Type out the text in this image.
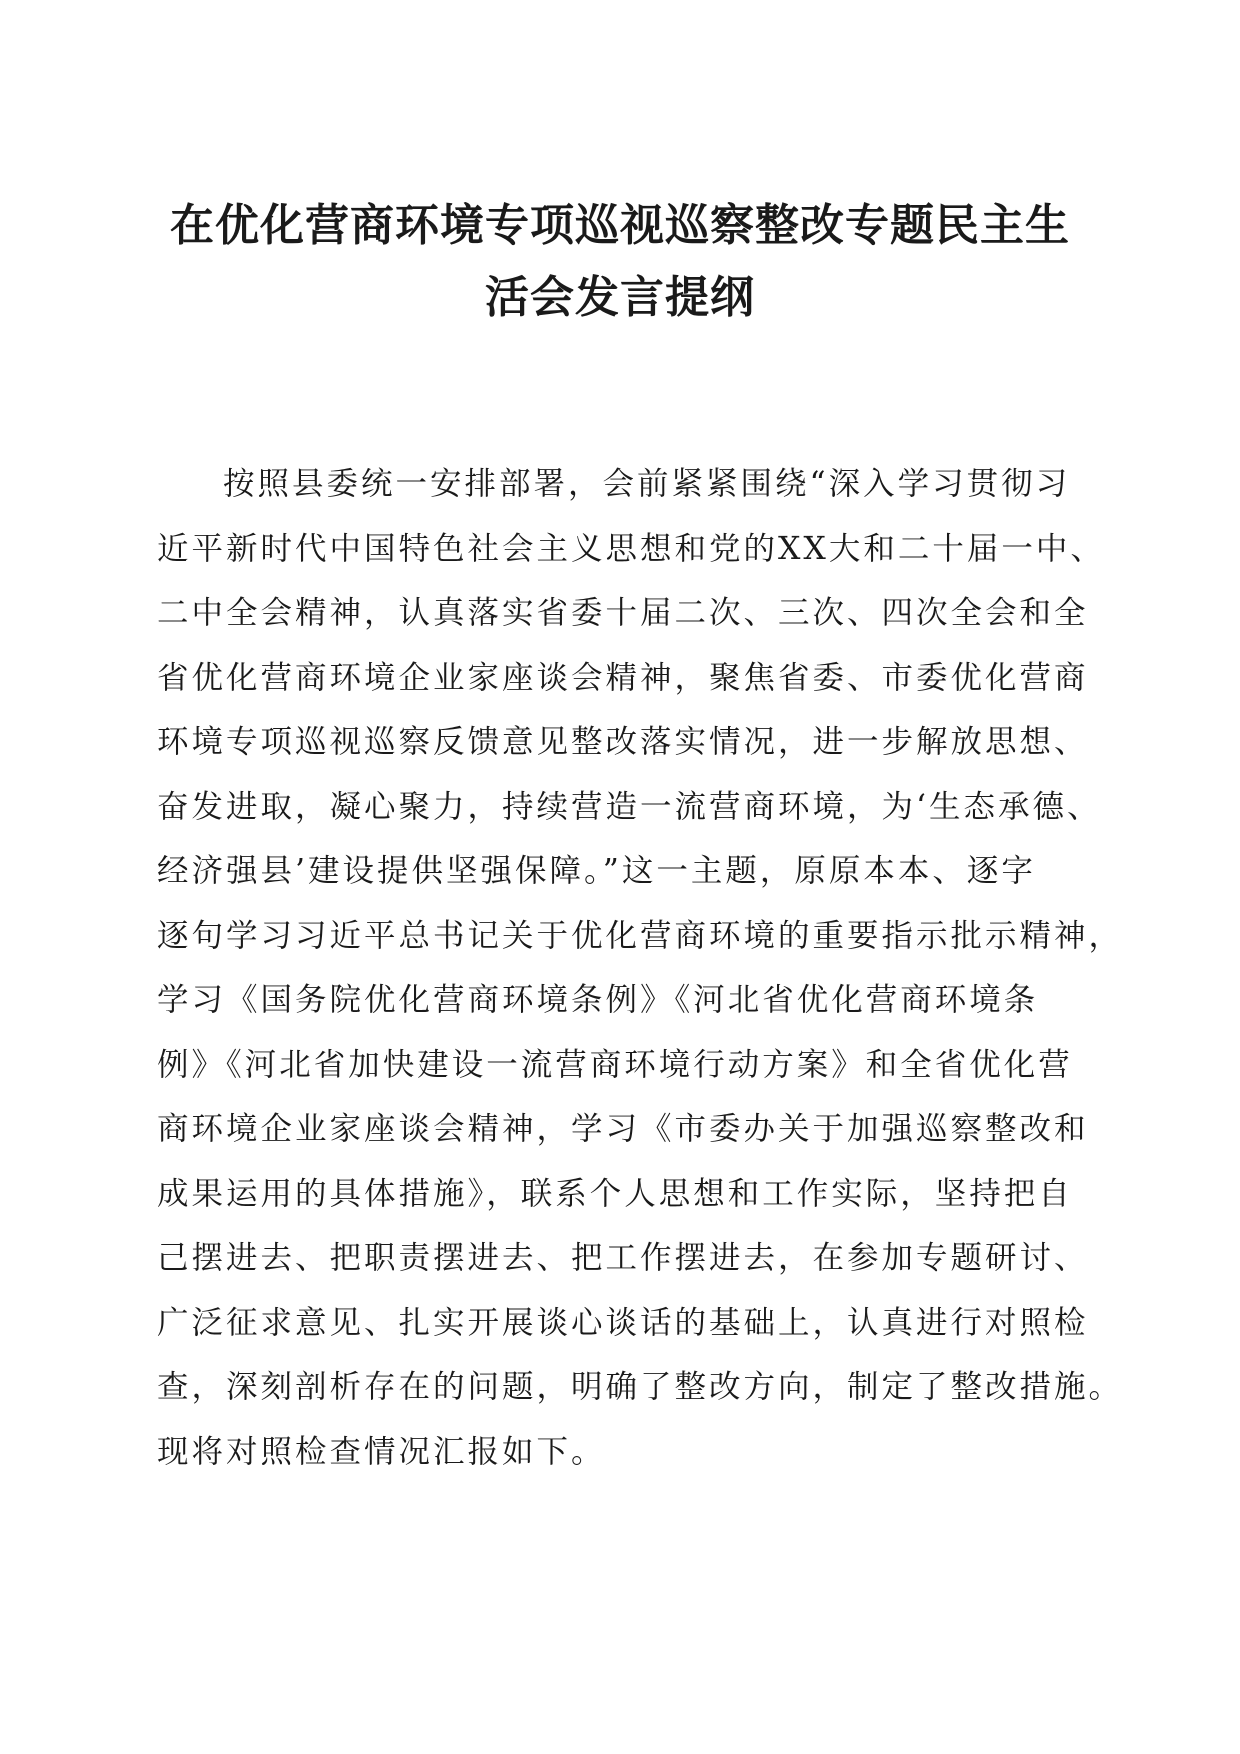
在优化营商环境专项巡视巡察整改专题民主生
活会发言提纲
按照县委统一安排部署，会前紧紧围绕“深入学习贯彻习
近平新时代中国特色社会主义思想和党的XX大和二十届一中、
二中全会精神，认真落实省委十届二次、三次、四次全会和全
省优化营商环境企业家座谈会精神，聚焦省委、市委优化营商
环境专项巡视巡察反馈意见整改落实情况，进一步解放思想、
奋发进取，凝心聚力，持续营造一流营商环境，为‘生态承德、
经济强县’建设提供坚强保障。”这一主题，原原本本、逐字
逐句学习习近平总书记关于优化营商环境的重要指示批示精神，
学习《国务院优化营商环境条例》《河北省优化营商环境条
例》《河北省加快建设一流营商环境行动方案》和全省优化营
商环境企业家座谈会精神，学习《市委办关于加强巡察整改和
成果运用的具体措施》，联系个人思想和工作实际，坚持把自
己摆进去、把职责摆进去、把工作摆进去，在参加专题研讨、
广泛征求意见、扎实开展谈心谈话的基础上，认真进行对照检
查，深刻剖析存在的问题，明确了整改方向，制定了整改措施。
现将对照检查情况汇报如下。
